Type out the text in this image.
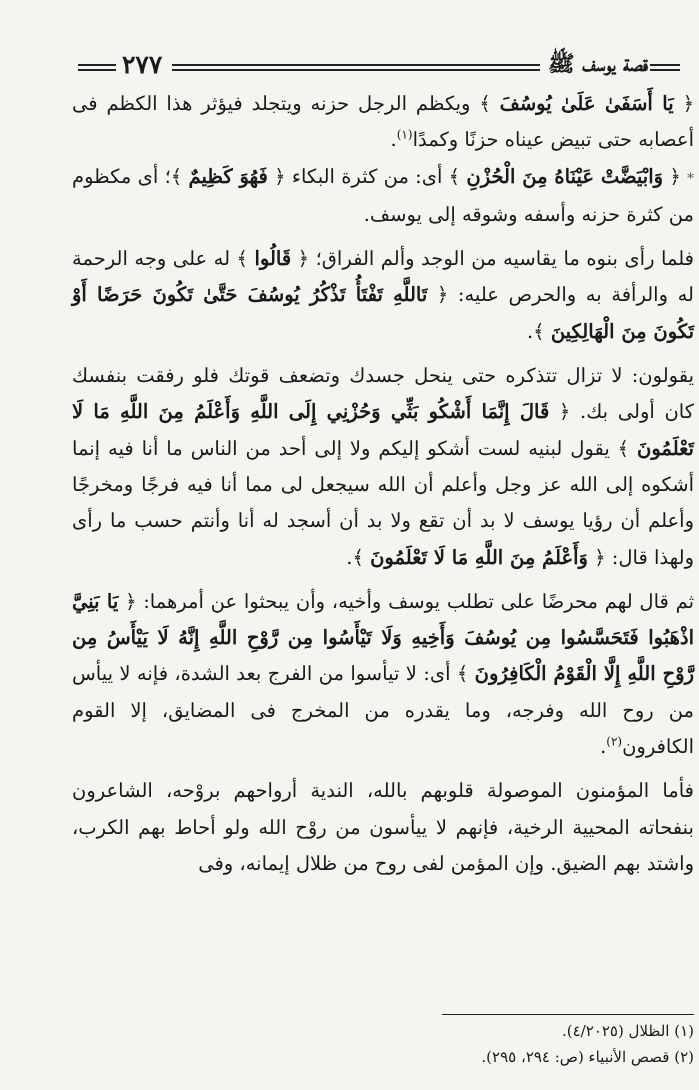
٢٧٧	قصة يوسف ﷺ

﴿ يَا أَسَفَىٰ عَلَىٰ يُوسُفَ ﴾ ويكظم الرجل حزنه ويتجلد فيؤثر هذا الكظم فى أعصابه حتى تبيض عيناه حزنًا وكمدًا$^{(١)}$.

* ﴿ وَابْيَضَّتْ عَيْنَاهُ مِنَ الْحُزْنِ ﴾ أى: من كثرة البكاء ﴿ فَهُوَ كَظِيمٌ ﴾؛ أى مكظوم من كثرة حزنه وأسفه وشوقه إلى يوسف.

فلما رأى بنوه ما يقاسيه من الوجد وألم الفراق؛ ﴿ قَالُوا ﴾ له على وجه الرحمة له والرأفة به والحرص عليه: ﴿ تَاللَّهِ تَفْتَأُ تَذْكُرُ يُوسُفَ حَتَّىٰ تَكُونَ حَرَضًا أَوْ تَكُونَ مِنَ الْهَالِكِينَ ﴾.

يقولون: لا تزال تتذكره حتى ينحل جسدك وتضعف قوتك فلو رفقت بنفسك كان أولى بك. ﴿ قَالَ إِنَّمَا أَشْكُو بَثِّي وَحُزْنِي إِلَى اللَّهِ وَأَعْلَمُ مِنَ اللَّهِ مَا لَا تَعْلَمُونَ ﴾ يقول لبنيه لست أشكو إليكم ولا إلى أحد من الناس ما أنا فيه إنما أشكوه إلى الله عز وجل وأعلم أن الله سيجعل لى مما أنا فيه فرجًا ومخرجًا وأعلم أن رؤيا يوسف لا بد أن تقع ولا بد أن أسجد له أنا وأنتم حسب ما رأى ولهذا قال: ﴿ وَأَعْلَمُ مِنَ اللَّهِ مَا لَا تَعْلَمُونَ ﴾.

ثم قال لهم محرضًا على تطلب يوسف وأخيه، وأن يبحثوا عن أمرهما: ﴿ يَا بَنِيَّ اذْهَبُوا فَتَحَسَّسُوا مِن يُوسُفَ وَأَخِيهِ وَلَا تَيْأَسُوا مِن رَّوْحِ اللَّهِ إِنَّهُ لَا يَيْأَسُ مِن رَّوْحِ اللَّهِ إِلَّا الْقَوْمُ الْكَافِرُونَ ﴾ أى: لا تيأسوا من الفرج بعد الشدة، فإنه لا ييأس من روح الله وفرجه، وما يقدره من المخرج فى المضايق، إلا القوم الكافرون$^{(٢)}$.

فأما المؤمنون الموصولة قلوبهم بالله، الندية أرواحهم بروْحه، الشاعرون بنفحاته المحيية الرخية، فإنهم لا ييأسون من روْح الله ولو أحاط بهم الكرب، واشتد بهم الضيق. وإن المؤمن لفى روح من ظلال إيمانه، وفى

(١) الظلال (٤/٢٠٢٥).

(٢) قصص الأنبياء (ص: ٢٩٤، ٢٩٥).
